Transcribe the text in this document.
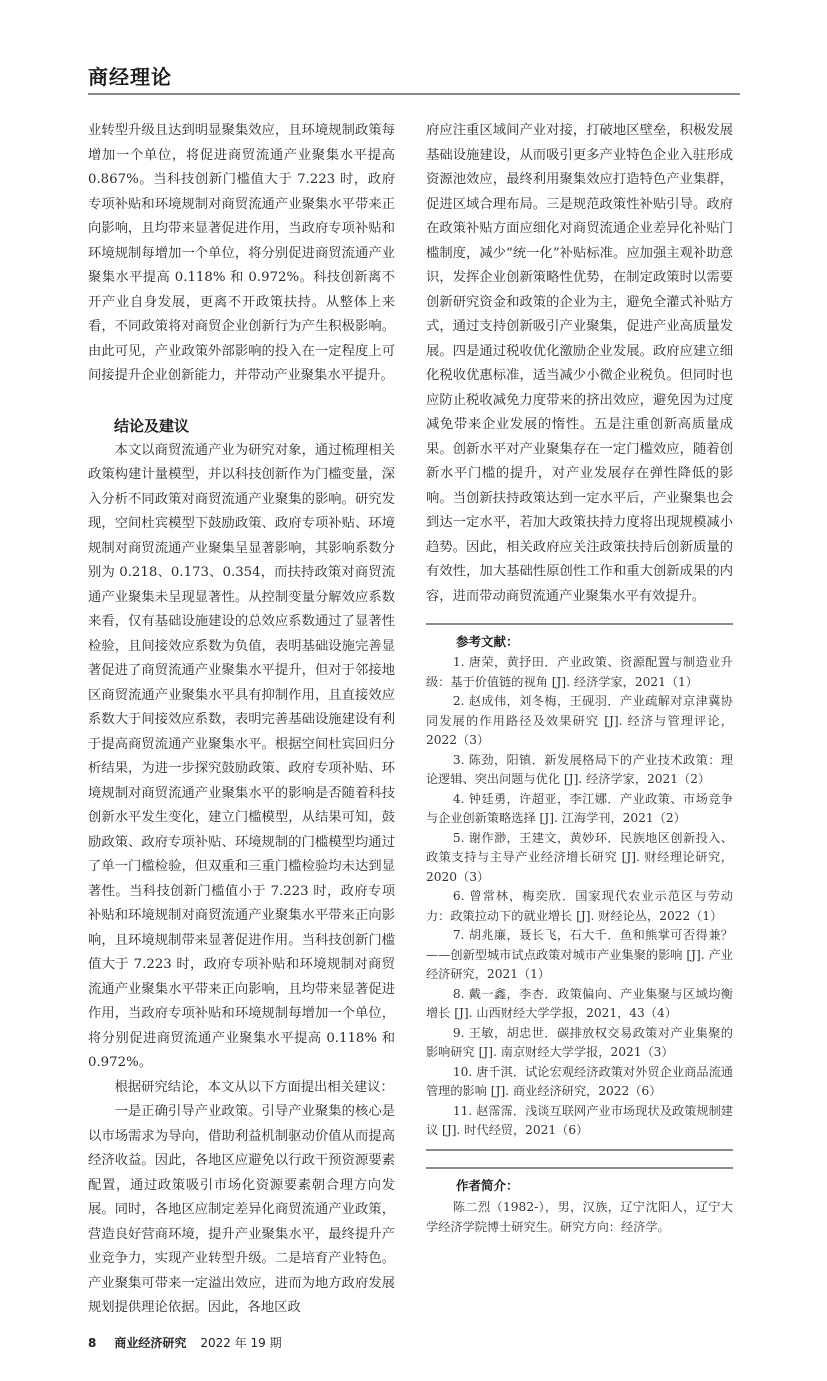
商经理论

业转型升级且达到明显聚集效应，且环境规制政策每增加一个单位，将促进商贸流通产业聚集水平提高 0.867%。当科技创新门槛值大于 7.223 时，政府专项补贴和环境规制对商贸流通产业聚集水平带来正向影响，且均带来显著促进作用，当政府专项补贴和环境规制每增加一个单位，将分别促进商贸流通产业聚集水平提高 0.118% 和 0.972%。科技创新离不开产业自身发展，更离不开政策扶持。从整体上来看，不同政策将对商贸企业创新行为产生积极影响。由此可见，产业政策外部影响的投入在一定程度上可间接提升企业创新能力，并带动产业聚集水平提升。

结论及建议

本文以商贸流通产业为研究对象，通过梳理相关政策构建计量模型，并以科技创新作为门槛变量，深入分析不同政策对商贸流通产业聚集的影响。研究发现，空间杜宾模型下鼓励政策、政府专项补贴、环境规制对商贸流通产业聚集呈显著影响，其影响系数分别为 0.218、0.173、0.354，而扶持政策对商贸流通产业聚集未呈现显著性。从控制变量分解效应系数来看，仅有基础设施建设的总效应系数通过了显著性检验，且间接效应系数为负值，表明基础设施完善显著促进了商贸流通产业聚集水平提升，但对于邻接地区商贸流通产业聚集水平具有抑制作用，且直接效应系数大于间接效应系数，表明完善基础设施建设有利于提高商贸流通产业聚集水平。根据空间杜宾回归分析结果，为进一步探究鼓励政策、政府专项补贴、环境规制对商贸流通产业聚集水平的影响是否随着科技创新水平发生变化，建立门槛模型，从结果可知，鼓励政策、政府专项补贴、环境规制的门槛模型均通过了单一门槛检验，但双重和三重门槛检验均未达到显著性。当科技创新门槛值小于 7.223 时，政府专项补贴和环境规制对商贸流通产业聚集水平带来正向影响，且环境规制带来显著促进作用。当科技创新门槛值大于 7.223 时，政府专项补贴和环境规制对商贸流通产业聚集水平带来正向影响，且均带来显著促进作用，当政府专项补贴和环境规制每增加一个单位，将分别促进商贸流通产业聚集水平提高 0.118% 和 0.972%。

根据研究结论，本文从以下方面提出相关建议：

一是正确引导产业政策。引导产业聚集的核心是以市场需求为导向，借助利益机制驱动价值从而提高经济收益。因此，各地区应避免以行政干预资源要素配置，通过政策吸引市场化资源要素朝合理方向发展。同时，各地区应制定差异化商贸流通产业政策，营造良好营商环境，提升产业聚集水平，最终提升产业竞争力，实现产业转型升级。二是培育产业特色。产业聚集可带来一定溢出效应，进而为地方政府发展规划提供理论依据。因此，各地区政

府应注重区域间产业对接，打破地区壁垒，积极发展基础设施建设，从而吸引更多产业特色企业入驻形成资源池效应，最终利用聚集效应打造特色产业集群，促进区域合理布局。三是规范政策性补贴引导。政府在政策补贴方面应细化对商贸流通企业差异化补贴门槛制度，减少“统一化”补贴标准。应加强主观补助意识，发挥企业创新策略性优势，在制定政策时以需要创新研究资金和政策的企业为主，避免全灌式补贴方式，通过支持创新吸引产业聚集，促进产业高质量发展。四是通过税收优化激励企业发展。政府应建立细化税收优惠标准，适当减少小微企业税负。但同时也应防止税收减免力度带来的挤出效应，避免因为过度减免带来企业发展的惰性。五是注重创新高质量成果。创新水平对产业聚集存在一定门槛效应，随着创新水平门槛的提升，对产业发展存在弹性降低的影响。当创新扶持政策达到一定水平后，产业聚集也会到达一定水平，若加大政策扶持力度将出现规模减小趋势。因此，相关政府应关注政策扶持后创新质量的有效性，加大基础性原创性工作和重大创新成果的内容，进而带动商贸流通产业聚集水平有效提升。

参考文献：

1. 唐荣，黄抒田．产业政策、资源配置与制造业升级：基于价值链的视角 [J]. 经济学家，2021（1）

2. 赵成伟，刘冬梅，王砚羽．产业疏解对京津冀协同发展的作用路径及效果研究 [J]. 经济与管理评论，2022（3）

3. 陈劲，阳镇．新发展格局下的产业技术政策：理论逻辑、突出问题与优化 [J]. 经济学家，2021（2）

4. 钟廷勇，许超亚，李江娜．产业政策、市场竞争与企业创新策略选择 [J]. 江海学刊，2021（2）

5. 谢作渺，王建文，黄妙环．民族地区创新投入、政策支持与主导产业经济增长研究 [J]. 财经理论研究，2020（3）

6. 曾常林，梅奕欣．国家现代农业示范区与劳动力：政策拉动下的就业增长 [J]. 财经论丛，2022（1）

7. 胡兆廉，聂长飞，石大千．鱼和熊掌可否得兼？——创新型城市试点政策对城市产业集聚的影响 [J]. 产业经济研究，2021（1）

8. 戴一鑫，李杏．政策偏向、产业集聚与区域均衡增长 [J]. 山西财经大学学报，2021，43（4）

9. 王敏，胡忠世．碳排放权交易政策对产业集聚的影响研究 [J]. 南京财经大学学报，2021（3）

10. 唐千淇．试论宏观经济政策对外贸企业商品流通管理的影响 [J]. 商业经济研究，2022（6）

11. 赵霈霈．浅谈互联网产业市场现状及政策规制建议 [J]. 时代经贸，2021（6）

作者简介：

陈二烈（1982-），男，汉族，辽宁沈阳人，辽宁大学经济学院博士研究生。研究方向：经济学。

8 商业经济研究 2022 年 19 期
